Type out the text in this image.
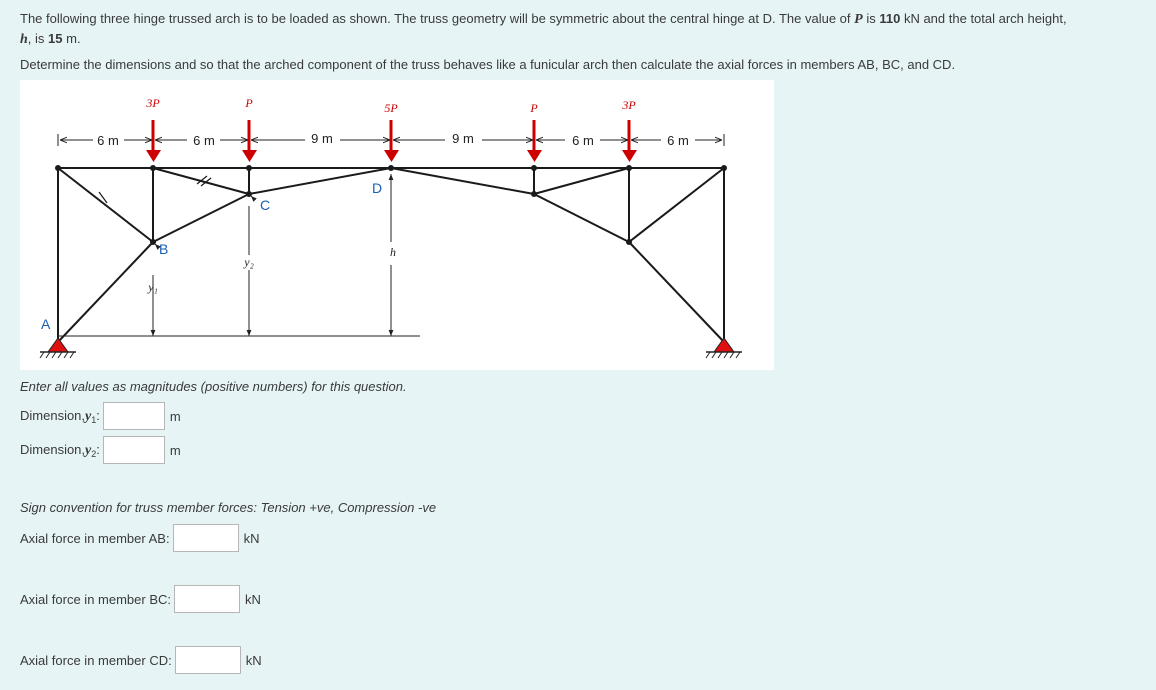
The following three hinge trussed arch is to be loaded as shown. The truss geometry will be symmetric about the central hinge at D. The value of P is 110 kN and the total arch height,
h, is 15 m.

Determine the dimensions and so that the arched component of the truss behaves like a funicular arch then calculate the axial forces in members AB, BC, and CD.

3P	P	5P	P	3P
6 m	6 m	9 m	9 m	6 m	6 m
y₁
y₂
h
A
B
C
D
Enter all values as magnitudes (positive numbers) for this question.
$Dimension,y_1$:	m
$Dimension,y_2$:	m
Sign convention for truss member forces: Tension +ve, Compression -ve
Axial force in member AB:	kN
Axial force in member BC:	kN
Axial force in member CD:	kN
